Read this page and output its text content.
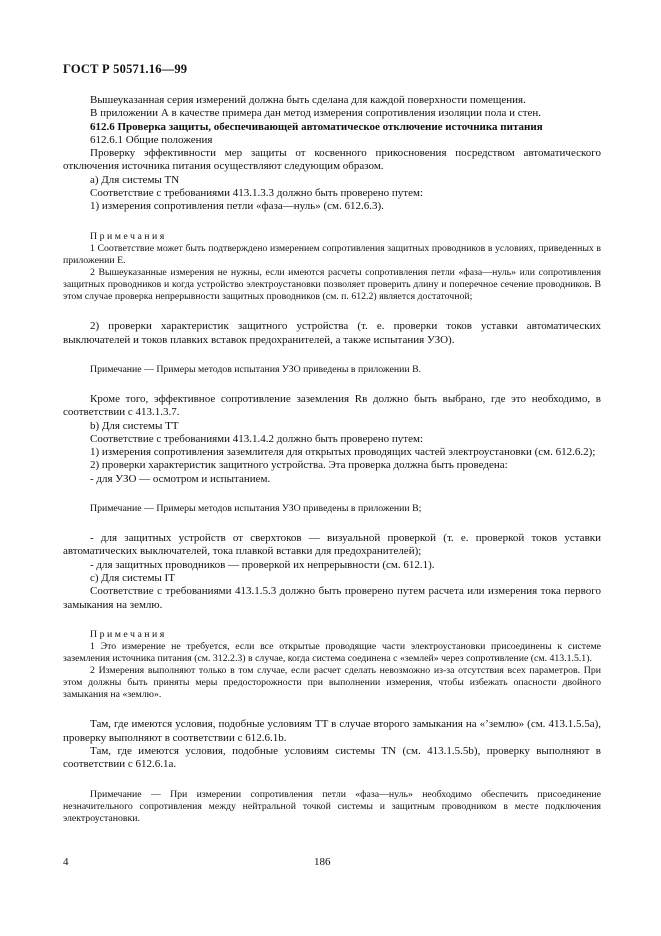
ГОСТ Р 50571.16—99

Вышеуказанная серия измерений должна быть сделана для каждой поверхности помещения.

В приложении А в качестве примера дан метод измерения сопротивления изоляции пола и стен.

612.6 Проверка защиты, обеспечивающей автоматическое отключение источника питания

612.6.1 Общие положения

Проверку эффективности мер защиты от косвенного прикосновения посредством автоматического отключения источника питания осуществляют следующим образом.

а) Для системы TN

Соответствие с требованиями 413.1.3.3 должно быть проверено путем:

1) измерения сопротивления петли «фаза—нуль» (см. 612.6.3).

Примечания

1 Соответствие может быть подтверждено измерением сопротивления защитных проводников в условиях, приведенных в приложении Е.

2 Вышеуказанные измерения не нужны, если имеются расчеты сопротивления петли «фаза—нуль» или сопротивления защитных проводников и когда устройство электроустановки позволяет проверить длину и поперечное сечение проводников. В этом случае проверка непрерывности защитных проводников (см. п. 612.2) является достаточной;

2) проверки характеристик защитного устройства (т. е. проверки токов уставки автоматических выключателей и токов плавких вставок предохранителей, а также испытания УЗО).

Примечание — Примеры методов испытания УЗО приведены в приложении В.

Кроме того, эффективное сопротивление заземления Rв должно быть выбрано, где это необходимо, в соответствии с 413.1.3.7.

b) Для системы TT

Соответствие с требованиями 413.1.4.2 должно быть проверено путем:

1) измерения сопротивления заземлителя для открытых проводящих частей электроустановки (см. 612.6.2);

2) проверки характеристик защитного устройства. Эта проверка должна быть проведена:

- для УЗО — осмотром и испытанием.

Примечание — Примеры методов испытания УЗО приведены в приложении В;

- для защитных устройств от сверхтоков — визуальной проверкой (т. е. проверкой токов уставки автоматических выключателей, тока плавкой вставки для предохранителей);

- для защитных проводников — проверкой их непрерывности (см. 612.1).

с) Для системы IT

Соответствие с требованиями 413.1.5.3 должно быть проверено путем расчета или измерения тока первого замыкания на землю.

Примечания

1 Это измерение не требуется, если все открытые проводящие части электроустановки присоединены к системе заземления источника питания (см. 312.2.3) в случае, когда система соединена с «землей» через сопротивление (см. 413.1.5.1).

2 Измерения выполняют только в том случае, если расчет сделать невозможно из-за отсутствия всех параметров. При этом должны быть приняты меры предосторожности при выполнении измерения, чтобы избежать опасности двойного замыкания на «землю».

Там, где имеются условия, подобные условиям TT в случае второго замыкания на «’землю» (см. 413.1.5.5а), проверку выполняют в соответствии с 612.6.1b.

Там, где имеются условия, подобные условиям системы TN (см. 413.1.5.5b), проверку выполняют в соответствии с 612.6.1а.

Примечание — При измерении сопротивления петли «фаза—нуль» необходимо обеспечить присоединение незначительного сопротивления между нейтральной точкой системы и защитным проводником в месте подключения электроустановки.

4	186
